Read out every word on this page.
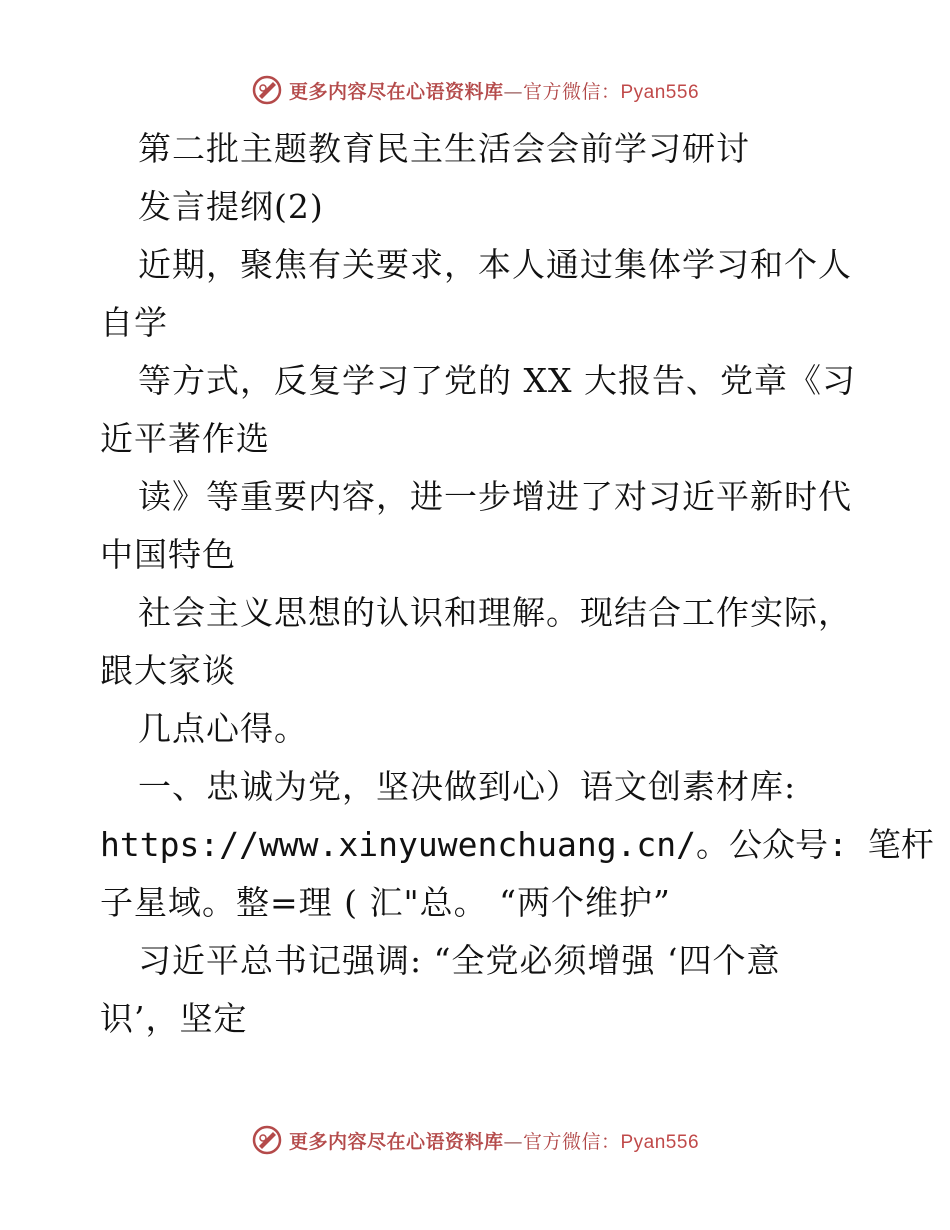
更多内容尽在心语资料库—官方微信：Pyan556
第二批主题教育民主生活会会前学习研讨
发言提纲(2)
近期，聚焦有关要求，本人通过集体学习和个人
自学
等方式，反复学习了党的 XX 大报告、党章《习
近平著作选
读》等重要内容，进一步增进了对习近平新时代
中国特色
社会主义思想的认识和理解。现结合工作实际，
跟大家谈
几点心得。
一、忠诚为党，坚决做到心）语文创素材库:
https://www.xinyuwenchuang.cn/。公众号: 笔杆
子星域。整=理 ( 汇"总。 “两个维护”
习近平总书记强调: “全党必须增强 ‘四个意
识’，坚定
更多内容尽在心语资料库—官方微信：Pyan556
